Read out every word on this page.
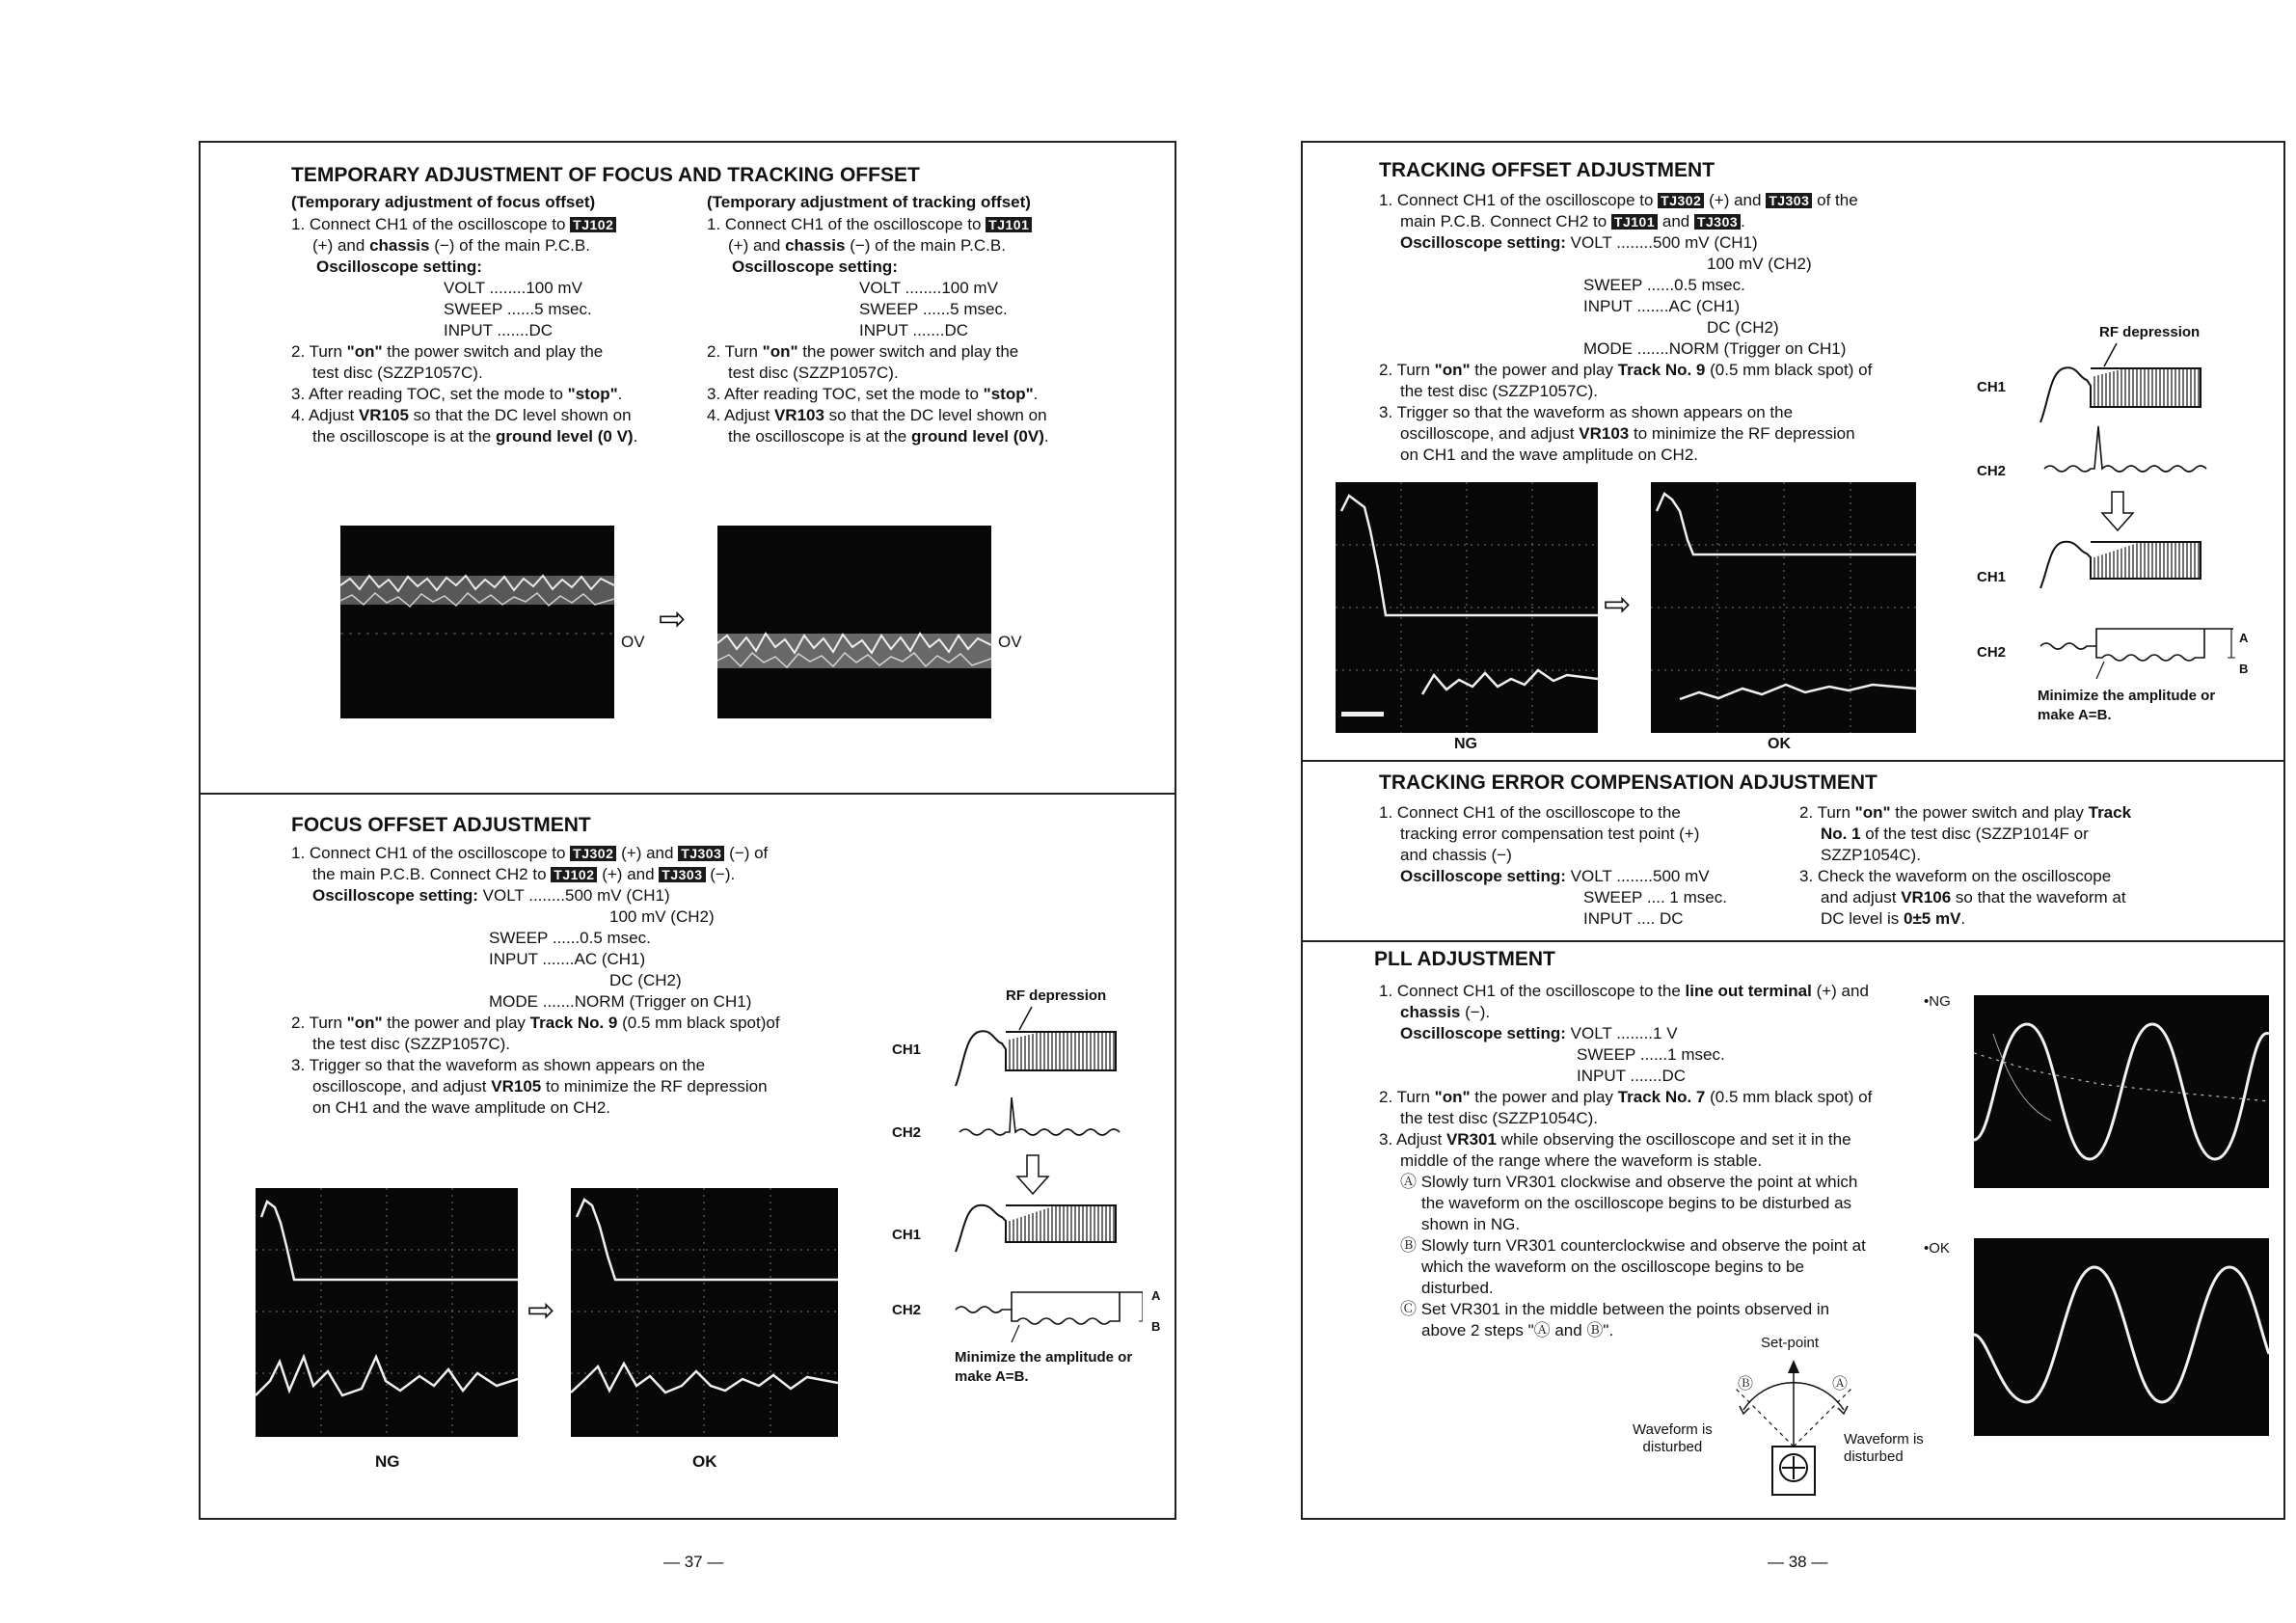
TEMPORARY ADJUSTMENT OF FOCUS AND TRACKING OFFSET
(Temporary adjustment of focus offset)
1. Connect CH1 of the oscilloscope to TJ102
(+) and chassis (−) of the main P.C.B.
Oscilloscope setting:
VOLT ........100 mV
SWEEP ......5 msec.
INPUT .......DC
2. Turn "on" the power switch and play the
test disc (SZZP1057C).
3. After reading TOC, set the mode to "stop".
4. Adjust VR105 so that the DC level shown on
the oscilloscope is at the ground level (0 V).
(Temporary adjustment of tracking offset)
1. Connect CH1 of the oscilloscope to TJ101
(+) and chassis (−) of the main P.C.B.
Oscilloscope setting:
VOLT ........100 mV
SWEEP ......5 msec.
INPUT .......DC
2. Turn "on" the power switch and play the
test disc (SZZP1057C).
3. After reading TOC, set the mode to "stop".
4. Adjust VR103 so that the DC level shown on
the oscilloscope is at the ground level (0V).
OV
⇨
OV
FOCUS OFFSET ADJUSTMENT
1. Connect CH1 of the oscilloscope to TJ302 (+) and TJ303 (−) of
the main P.C.B. Connect CH2 to TJ102 (+) and TJ303 (−).
Oscilloscope setting: VOLT ........500 mV (CH1)
100 mV (CH2)
SWEEP ......0.5 msec.
INPUT .......AC (CH1)
DC (CH2)
MODE .......NORM (Trigger on CH1)
2. Turn "on" the power and play Track No. 9 (0.5 mm black spot)of
the test disc (SZZP1057C).
3. Trigger so that the waveform as shown appears on the
oscilloscope, and adjust VR105 to minimize the RF depression
on CH1 and the wave amplitude on CH2.
NG
⇨
OK
RF depression
CH1
CH2
CH1
CH2
A
B
Minimize the amplitude or
make A=B.
— 37 —
TRACKING OFFSET ADJUSTMENT
1. Connect CH1 of the oscilloscope to TJ302 (+) and TJ303 of the
main P.C.B. Connect CH2 to TJ101 and TJ303 .
Oscilloscope setting: VOLT ........500 mV (CH1)
100 mV (CH2)
SWEEP ......0.5 msec.
INPUT .......AC (CH1)
DC (CH2)
MODE .......NORM (Trigger on CH1)
2. Turn "on" the power and play Track No. 9 (0.5 mm black spot) of
the test disc (SZZP1057C).
3. Trigger so that the waveform as shown appears on the
oscilloscope, and adjust VR103 to minimize the RF depression
on CH1 and the wave amplitude on CH2.
NG
⇨
OK
RF depression
CH1
CH2
CH1
CH2
A
B
Minimize the amplitude or
make A=B.
TRACKING ERROR COMPENSATION ADJUSTMENT
1. Connect CH1 of the oscilloscope to the
tracking error compensation test point (+)
and chassis (−)
Oscilloscope setting: VOLT ........500 mV
SWEEP .... 1 msec.
INPUT .... DC
2. Turn "on" the power switch and play Track
No. 1 of the test disc (SZZP1014F or
SZZP1054C).
3. Check the waveform on the oscilloscope
and adjust VR106 so that the waveform at
DC level is 0±5 mV.
PLL ADJUSTMENT
1. Connect CH1 of the oscilloscope to the line out terminal (+) and
chassis (−).
Oscilloscope setting: VOLT ........1 V
SWEEP ......1 msec.
INPUT .......DC
2. Turn "on" the power and play Track No. 7 (0.5 mm black spot) of
the test disc (SZZP1054C).
3. Adjust VR301 while observing the oscilloscope and set it in the
middle of the range where the waveform is stable.
Ⓐ Slowly turn VR301 clockwise and observe the point at which
the waveform on the oscilloscope begins to be disturbed as
shown in NG.
Ⓑ Slowly turn VR301 counterclockwise and observe the point at
which the waveform on the oscilloscope begins to be
disturbed.
Ⓒ Set VR301 in the middle between the points observed in
above 2 steps "Ⓐ and Ⓑ".
Set-point
Ⓑ	Ⓐ
Waveform is
disturbed	Waveform is
disturbed
•NG
•OK
— 38 —
